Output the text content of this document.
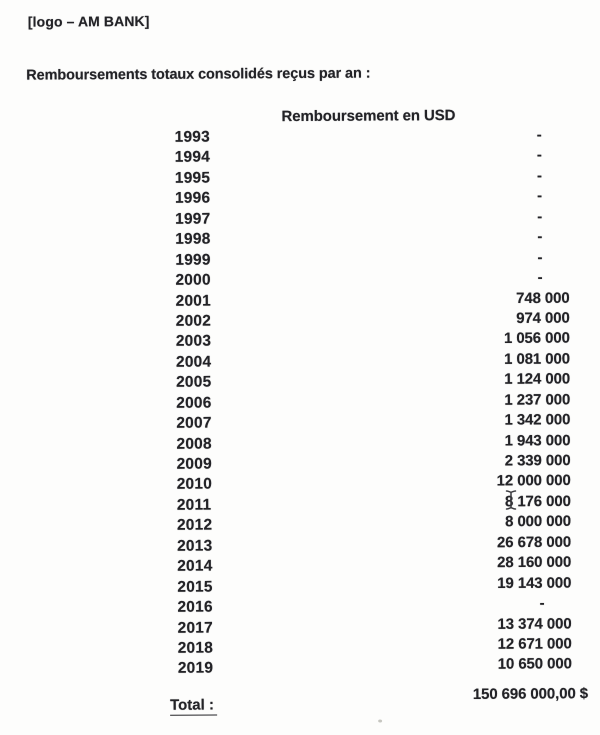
[logo – AM BANK]
Remboursements totaux consolidés reçus par an :
Remboursement en USD
1993	-
1994	-
1995	-
1996	-
1997	-
1998	-
1999	-
2000	-
2001	748 000
2002	974 000
2003	1 056 000
2004	1 081 000
2005	1 124 000
2006	1 237 000
2007	1 342 000
2008	1 943 000
2009	2 339 000
2010	12 000 000
2011	8 176 000
2012	8 000 000
2013	26 678 000
2014	28 160 000
2015	19 143 000
2016	-
2017	13 374 000
2018	12 671 000
2019	10 650 000
Total :
150 696 000,00 $
